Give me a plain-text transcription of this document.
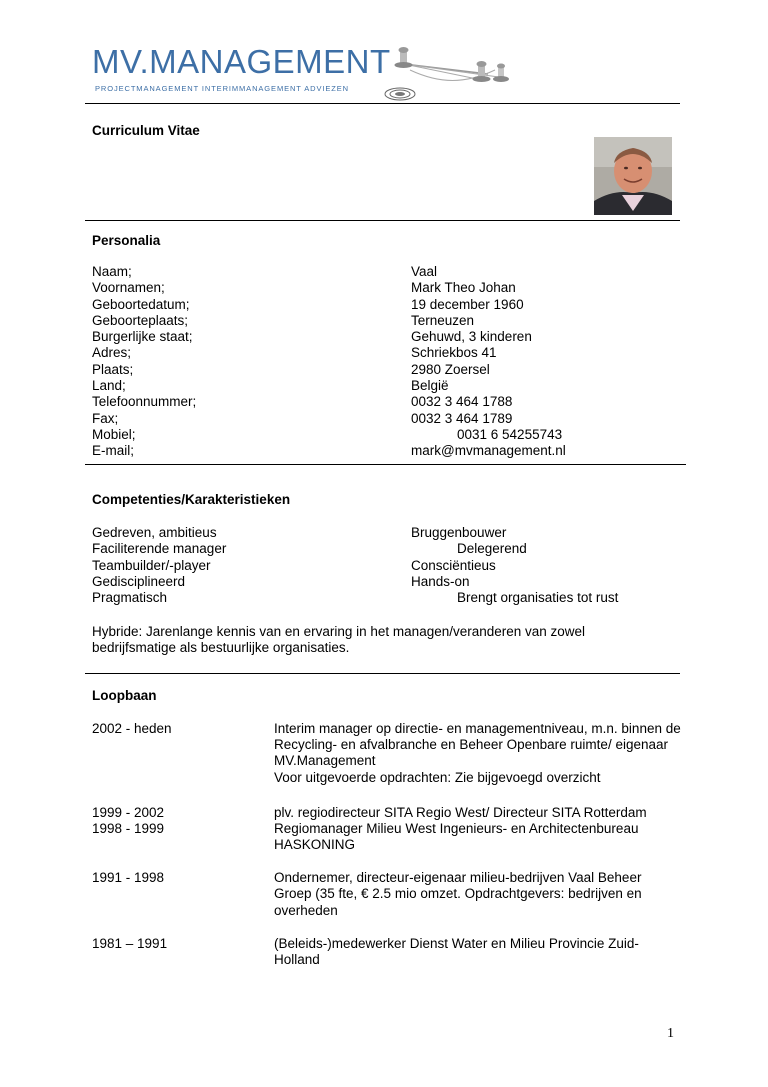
MV.MANAGEMENT
PROJECTMANAGEMENT INTERIMMANAGEMENT ADVIEZEN
Curriculum Vitae
Personalia
Naam;	Vaal
Voornamen;	Mark Theo Johan
Geboortedatum;	19 december 1960
Geboorteplaats;	Terneuzen
Burgerlijke staat;	Gehuwd, 3 kinderen
Adres;	Schriekbos 41
Plaats;	2980 Zoersel
Land;	België
Telefoonnummer;	0032 3 464 1788
Fax;	0032 3 464 1789
Mobiel;	0031 6 54255743
E-mail;	mark@mvmanagement.nl
Competenties/Karakteristieken
Gedreven, ambitieus	Bruggenbouwer
Faciliterende manager	Delegerend
Teambuilder/-player	Consciëntieus
Gedisciplineerd	Hands-on
Pragmatisch	Brengt organisaties tot rust
Hybride: Jarenlange kennis van en ervaring in het managen/veranderen van zowel
bedrijfsmatige als bestuurlijke organisaties.
Loopbaan
2002 - heden	Interim manager op directie- en managementniveau, m.n. binnen de
Recycling- en afvalbranche en Beheer Openbare ruimte/ eigenaar
MV.Management
Voor uitgevoerde opdrachten: Zie bijgevoegd overzicht
1999 - 2002	plv. regiodirecteur SITA Regio West/ Directeur SITA Rotterdam
1998 - 1999	Regiomanager Milieu West Ingenieurs- en Architectenbureau
HASKONING
1991 - 1998	Ondernemer, directeur-eigenaar milieu-bedrijven Vaal Beheer
Groep (35 fte, € 2.5 mio omzet. Opdrachtgevers: bedrijven en
overheden
1981 – 1991	(Beleids-)medewerker Dienst Water en Milieu Provincie Zuid-
Holland
1
